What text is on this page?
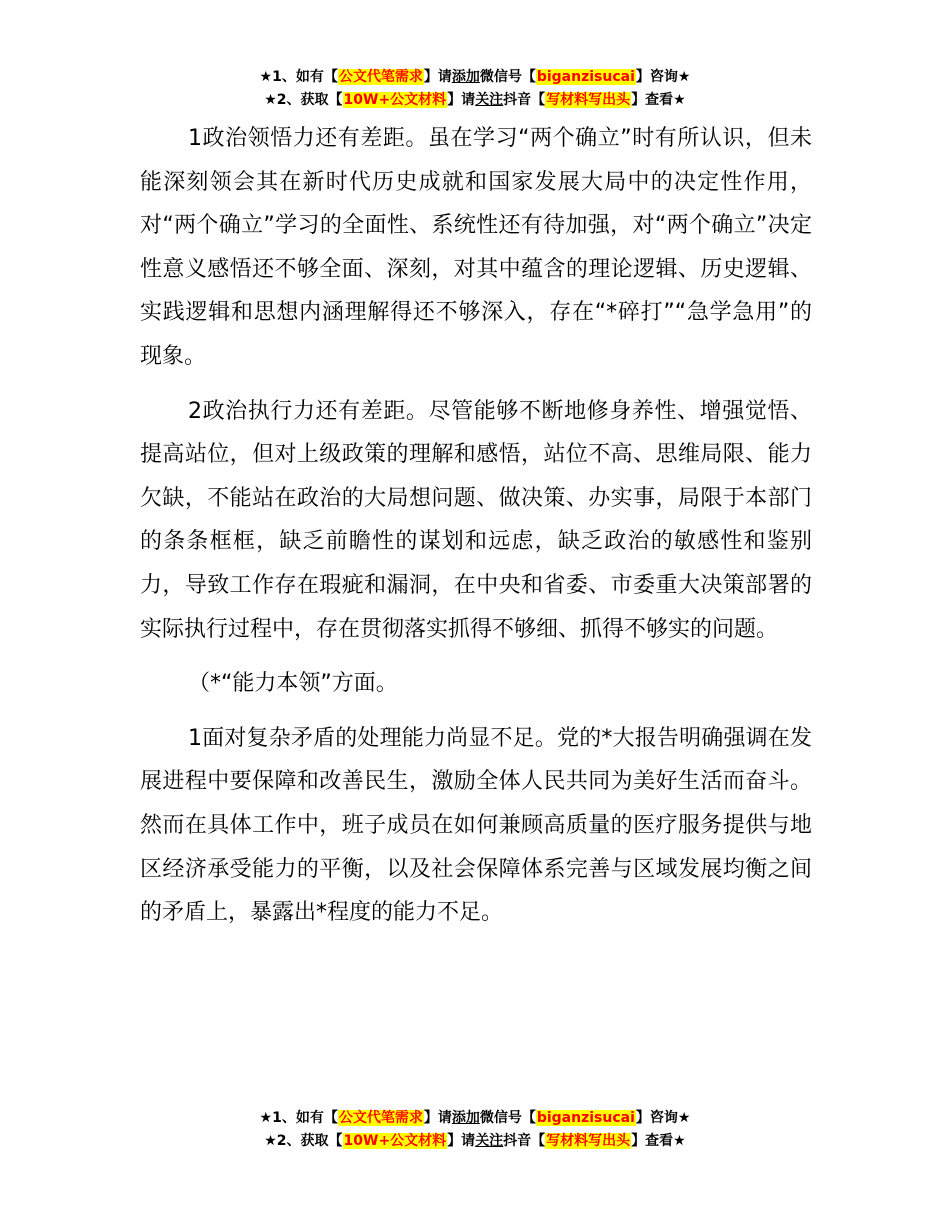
★1、如有【公文代笔需求】请添加微信号【biganzisucai】咨询★
★2、获取【10W+公文材料】请关注抖音【写材料写出头】查看★

1政治领悟力还有差距。虽在学习“两个确立”时有所认识，但未能深刻领会其在新时代历史成就和国家发展大局中的决定性作用，对“两个确立”学习的全面性、系统性还有待加强，对“两个确立”决定性意义感悟还不够全面、深刻，对其中蕴含的理论逻辑、历史逻辑、实践逻辑和思想内涵理解得还不够深入，存在“*碎打”“急学急用”的现象。

2政治执行力还有差距。尽管能够不断地修身养性、增强觉悟、提高站位，但对上级政策的理解和感悟，站位不高、思维局限、能力欠缺，不能站在政治的大局想问题、做决策、办实事，局限于本部门的条条框框，缺乏前瞻性的谋划和远虑，缺乏政治的敏感性和鉴别力，导致工作存在瑕疵和漏洞，在中央和省委、市委重大决策部署的实际执行过程中，存在贯彻落实抓得不够细、抓得不够实的问题。

（*“能力本领”方面。

1面对复杂矛盾的处理能力尚显不足。党的*大报告明确强调在发展进程中要保障和改善民生，激励全体人民共同为美好生活而奋斗。然而在具体工作中，班子成员在如何兼顾高质量的医疗服务提供与地区经济承受能力的平衡，以及社会保障体系完善与区域发展均衡之间的矛盾上，暴露出*程度的能力不足。

★1、如有【公文代笔需求】请添加微信号【biganzisucai】咨询★
★2、获取【10W+公文材料】请关注抖音【写材料写出头】查看★
